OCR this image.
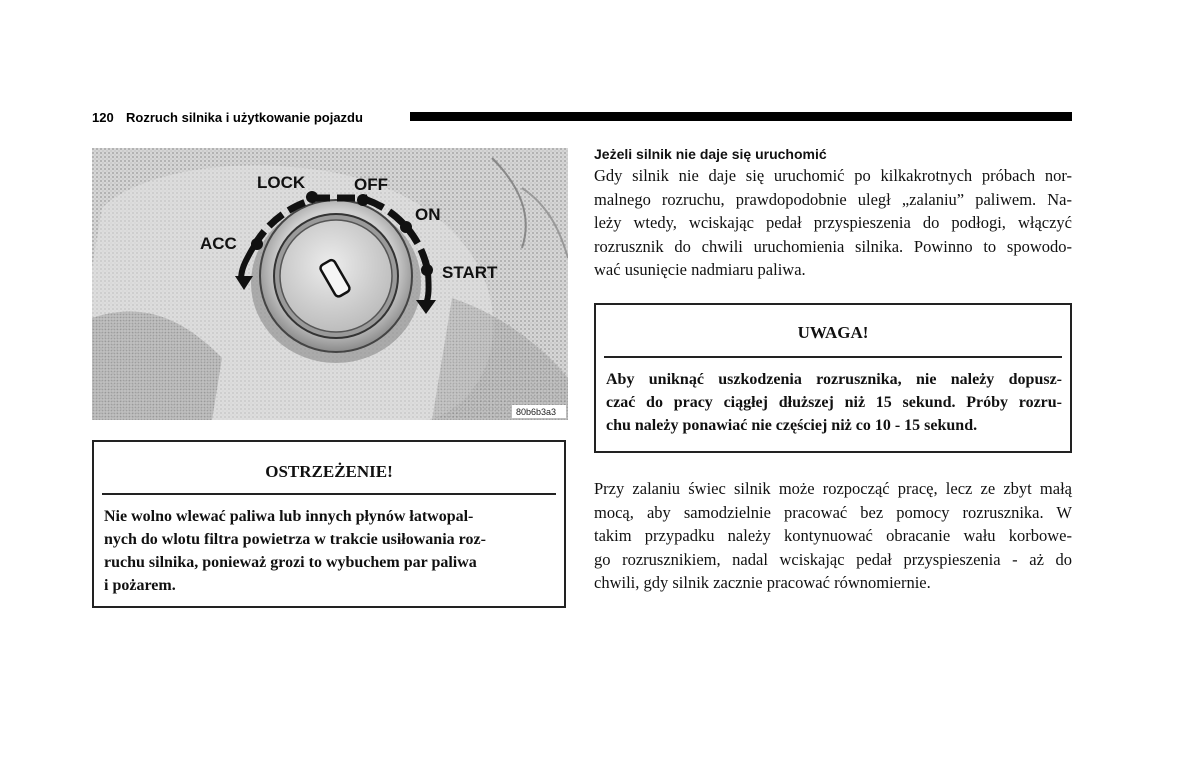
120 Rozruch silnika i użytkowanie pojazdu
LOCK	OFF
ON
ACC
START
80b6b3a3
OSTRZEŻENIE!

Nie wolno wlewać paliwa lub innych płynów łatwopal-
nych do wlotu filtra powietrza w trakcie usiłowania roz-
ruchu silnika, ponieważ grozi to wybuchem par paliwa
i pożarem.

Jeżeli silnik nie daje się uruchomić

Gdy silnik nie daje się uruchomić po kilkakrotnych próbach nor-
malnego rozruchu, prawdopodobnie uległ „zalaniu” paliwem. Na-
leży wtedy, wciskając pedał przyspieszenia do podłogi, włączyć
rozrusznik do chwili uruchomienia silnika. Powinno to spowodo-
wać usunięcie nadmiaru paliwa.

UWAGA!

Aby uniknąć uszkodzenia rozrusznika, nie należy dopusz-
czać do pracy ciągłej dłuższej niż 15 sekund. Próby rozru-
chu należy ponawiać nie częściej niż co 10 - 15 sekund.

Przy zalaniu świec silnik może rozpocząć pracę, lecz ze zbyt małą
mocą, aby samodzielnie pracować bez pomocy rozrusznika. W
takim przypadku należy kontynuować obracanie wału korbowe-
go rozrusznikiem, nadal wciskając pedał przyspieszenia - aż do
chwili, gdy silnik zacznie pracować równomiernie.
